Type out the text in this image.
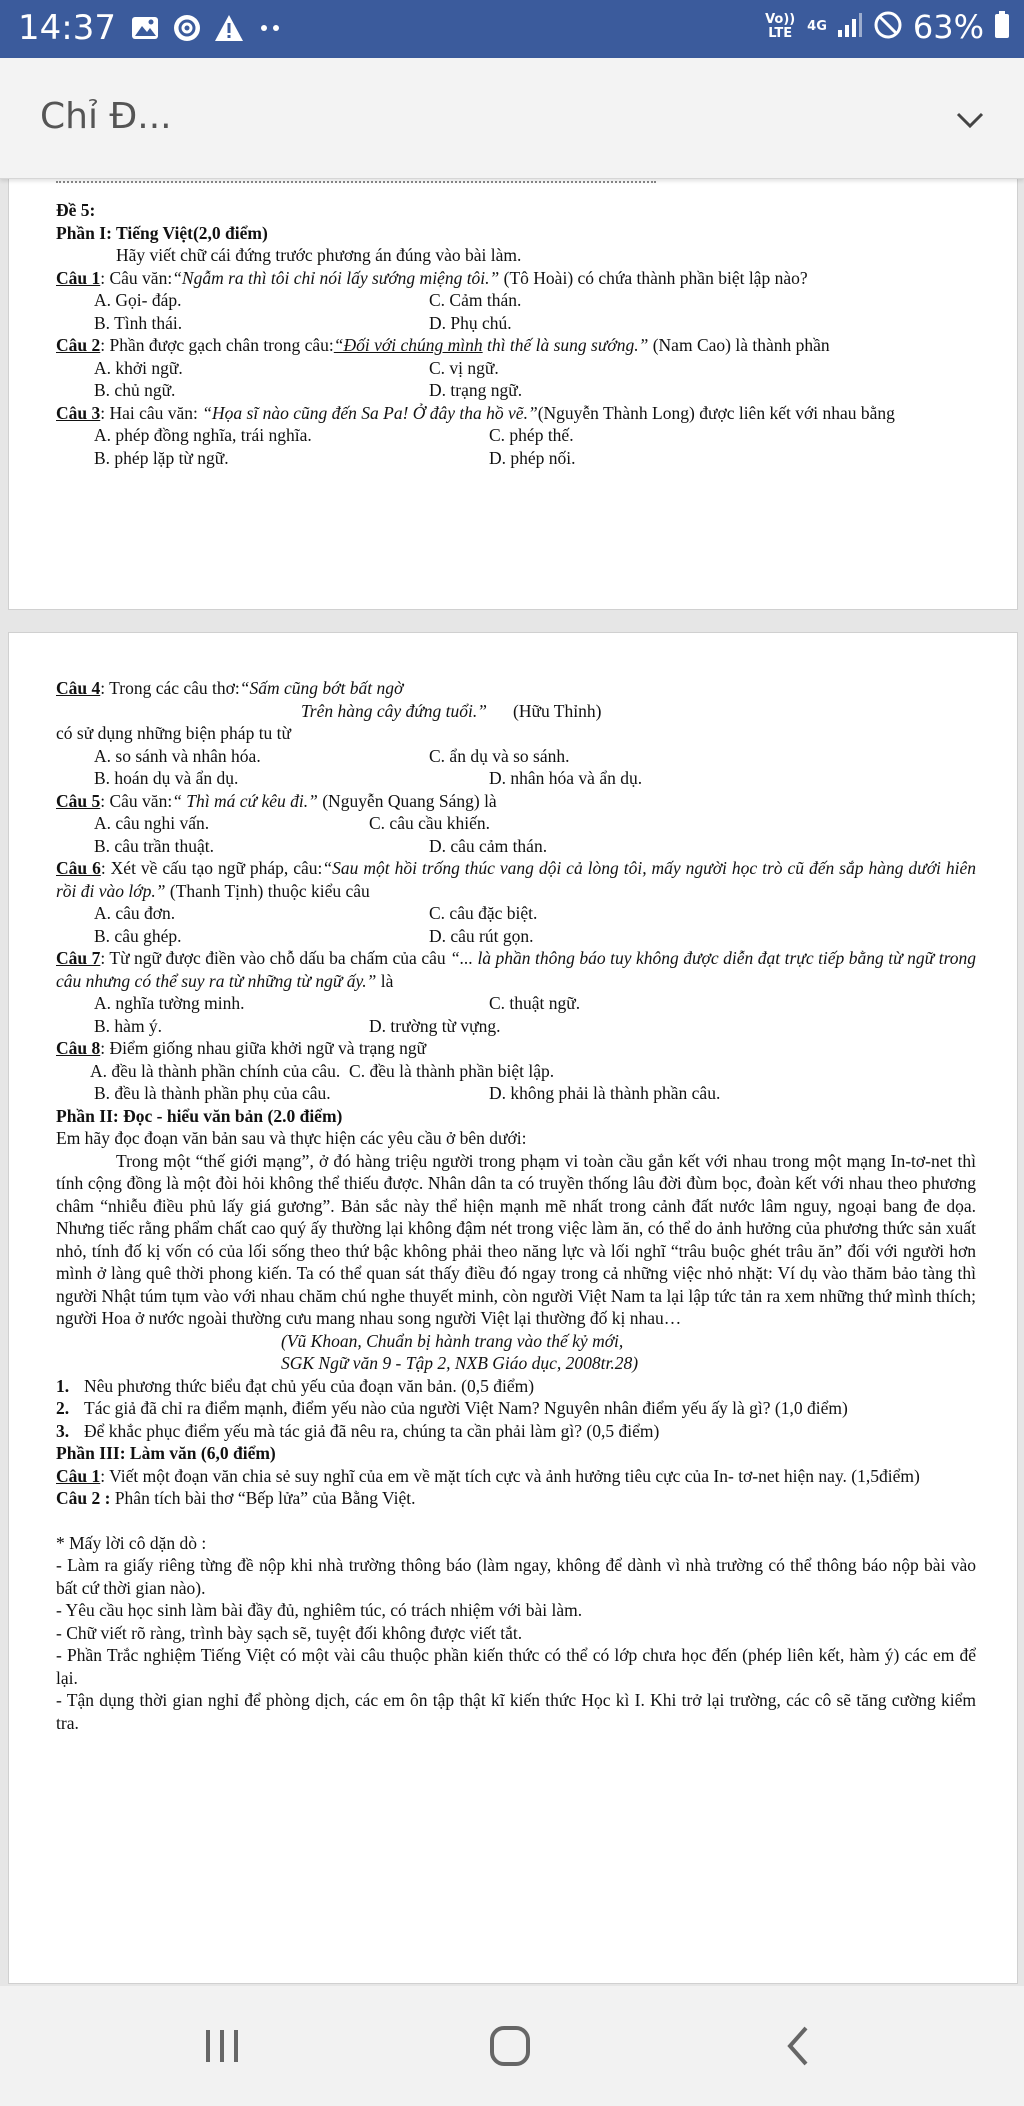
14:37	Vo)) LTE	4G	63%
Chỉ Đ...
Đề 5:
Phần I: Tiếng Việt(2,0 điểm)
Hãy viết chữ cái đứng trước phương án đúng vào bài làm.
Câu 1: Câu văn:“Ngẫm ra thì tôi chỉ nói lấy sướng miệng tôi.” (Tô Hoài) có chứa thành phần biệt lập nào?
A. Gọi- đáp.	C. Cảm thán.
B. Tình thái.	D. Phụ chú.
Câu 2: Phần được gạch chân trong câu:“Đối với chúng mình thì thế là sung sướng.” (Nam Cao) là thành phần
A. khởi ngữ.	C. vị ngữ.
B. chủ ngữ.	D. trạng ngữ.
Câu 3: Hai câu văn: “Họa sĩ nào cũng đến Sa Pa! Ở đây tha hồ vẽ.”(Nguyễn Thành Long) được liên kết với nhau bằng
A. phép đồng nghĩa, trái nghĩa.	C. phép thế.
B. phép lặp từ ngữ.	D. phép nối.
Câu 4: Trong các câu thơ:“Sấm cũng bớt bất ngờ
Trên hàng cây đứng tuổi.” (Hữu Thỉnh)
có sử dụng những biện pháp tu từ
A. so sánh và nhân hóa.	C. ẩn dụ và so sánh.
B. hoán dụ và ẩn dụ.	D. nhân hóa và ẩn dụ.
Câu 5: Câu văn:“ Thì má cứ kêu đi.” (Nguyễn Quang Sáng) là
A. câu nghi vấn.	C. câu cầu khiến.
B. câu trần thuật.	D. câu cảm thán.
Câu 6: Xét về cấu tạo ngữ pháp, câu:“Sau một hồi trống thúc vang dội cả lòng tôi, mấy người học trò cũ đến sắp hàng dưới hiên rồi đi vào lớp.” (Thanh Tịnh) thuộc kiểu câu
A. câu đơn.	C. câu đặc biệt.
B. câu ghép.	D. câu rút gọn.
Câu 7: Từ ngữ được điền vào chỗ dấu ba chấm của câu “... là phần thông báo tuy không được diễn đạt trực tiếp bằng từ ngữ trong câu nhưng có thể suy ra từ những từ ngữ ấy.” là
A. nghĩa tường minh.	C. thuật ngữ.
B. hàm ý.	D. trường từ vựng.
Câu 8: Điểm giống nhau giữa khởi ngữ và trạng ngữ
A. đều là thành phần chính của câu. C. đều là thành phần biệt lập.
B. đều là thành phần phụ của câu.	D. không phải là thành phần câu.
Phần II: Đọc - hiểu văn bản (2.0 điểm)
Em hãy đọc đoạn văn bản sau và thực hiện các yêu cầu ở bên dưới:
Trong một “thế giới mạng”, ở đó hàng triệu người trong phạm vi toàn cầu gắn kết với nhau trong một mạng In-tơ-net thì tính cộng đồng là một đòi hỏi không thể thiếu được. Nhân dân ta có truyền thống lâu đời đùm bọc, đoàn kết với nhau theo phương châm “nhiễu điều phủ lấy giá gương”. Bản sắc này thể hiện mạnh mẽ nhất trong cảnh đất nước lâm nguy, ngoại bang đe dọa. Nhưng tiếc rằng phẩm chất cao quý ấy thường lại không đậm nét trong việc làm ăn, có thể do ảnh hưởng của phương thức sản xuất nhỏ, tính đố kị vốn có của lối sống theo thứ bậc không phải theo năng lực và lối nghĩ “trâu buộc ghét trâu ăn” đối với người hơn mình ở làng quê thời phong kiến. Ta có thể quan sát thấy điều đó ngay trong cả những việc nhỏ nhặt: Ví dụ vào thăm bảo tàng thì người Nhật túm tụm vào với nhau chăm chú nghe thuyết minh, còn người Việt Nam ta lại lập tức tản ra xem những thứ mình thích; người Hoa ở nước ngoài thường cưu mang nhau song người Việt lại thường đố kị nhau…
(Vũ Khoan, Chuẩn bị hành trang vào thế kỷ mới,
SGK Ngữ văn 9 - Tập 2, NXB Giáo dục, 2008tr.28)
1. Nêu phương thức biểu đạt chủ yếu của đoạn văn bản. (0,5 điểm)
2. Tác giả đã chỉ ra điểm mạnh, điểm yếu nào của người Việt Nam? Nguyên nhân điểm yếu ấy là gì? (1,0 điểm)
3. Để khắc phục điểm yếu mà tác giả đã nêu ra, chúng ta cần phải làm gì? (0,5 điểm)
Phần III: Làm văn (6,0 điểm)
Câu 1: Viết một đoạn văn chia sẻ suy nghĩ của em về mặt tích cực và ảnh hưởng tiêu cực của In- tơ-net hiện nay. (1,5điểm)
Câu 2 : Phân tích bài thơ “Bếp lửa” của Bằng Việt.
* Mấy lời cô dặn dò :
- Làm ra giấy riêng từng đề nộp khi nhà trường thông báo (làm ngay, không để dành vì nhà trường có thể thông báo nộp bài vào bất cứ thời gian nào).
- Yêu cầu học sinh làm bài đầy đủ, nghiêm túc, có trách nhiệm với bài làm.
- Chữ viết rõ ràng, trình bày sạch sẽ, tuyệt đối không được viết tắt.
- Phần Trắc nghiệm Tiếng Việt có một vài câu thuộc phần kiến thức có thể có lớp chưa học đến (phép liên kết, hàm ý) các em để lại.
- Tận dụng thời gian nghỉ để phòng dịch, các em ôn tập thật kĩ kiến thức Học kì I. Khi trở lại trường, các cô sẽ tăng cường kiểm tra.
